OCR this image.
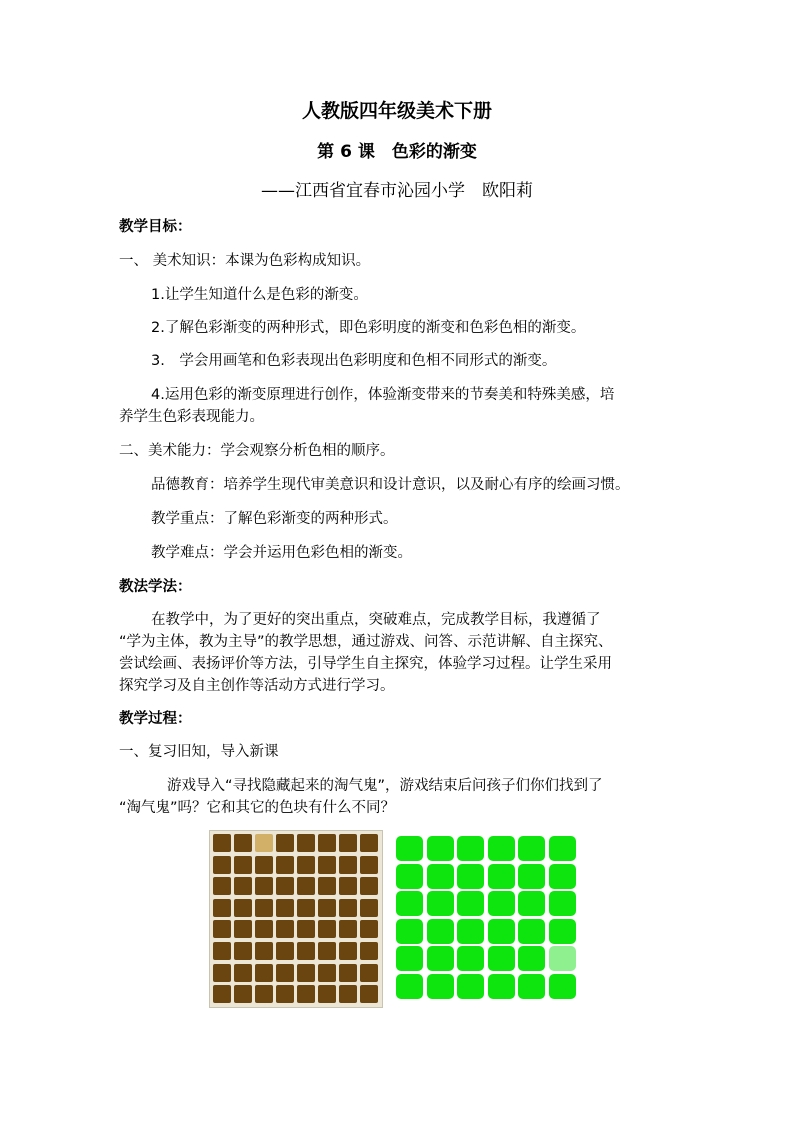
人教版四年级美术下册
第 6 课　色彩的渐变
——江西省宜春市沁园小学　欧阳莉
教学目标：
一、 美术知识：本课为色彩构成知识。
1.让学生知道什么是色彩的渐变。
2.了解色彩渐变的两种形式，即色彩明度的渐变和色彩色相的渐变。
3.　学会用画笔和色彩表现出色彩明度和色相不同形式的渐变。
4.运用色彩的渐变原理进行创作，体验渐变带来的节奏美和特殊美感，培
养学生色彩表现能力。
二、美术能力：学会观察分析色相的顺序。
品德教育：培养学生现代审美意识和设计意识，以及耐心有序的绘画习惯。
教学重点：了解色彩渐变的两种形式。
教学难点：学会并运用色彩色相的渐变。
教法学法：
在教学中，为了更好的突出重点，突破难点，完成教学目标，我遵循了
“学为主体，教为主导”的教学思想，通过游戏、问答、示范讲解、自主探究、
尝试绘画、表扬评价等方法，引导学生自主探究，体验学习过程。让学生采用
探究学习及自主创作等活动方式进行学习。
教学过程：
一、复习旧知，导入新课
游戏导入“寻找隐藏起来的淘气鬼”，游戏结束后问孩子们你们找到了
“淘气鬼”吗？它和其它的色块有什么不同？
